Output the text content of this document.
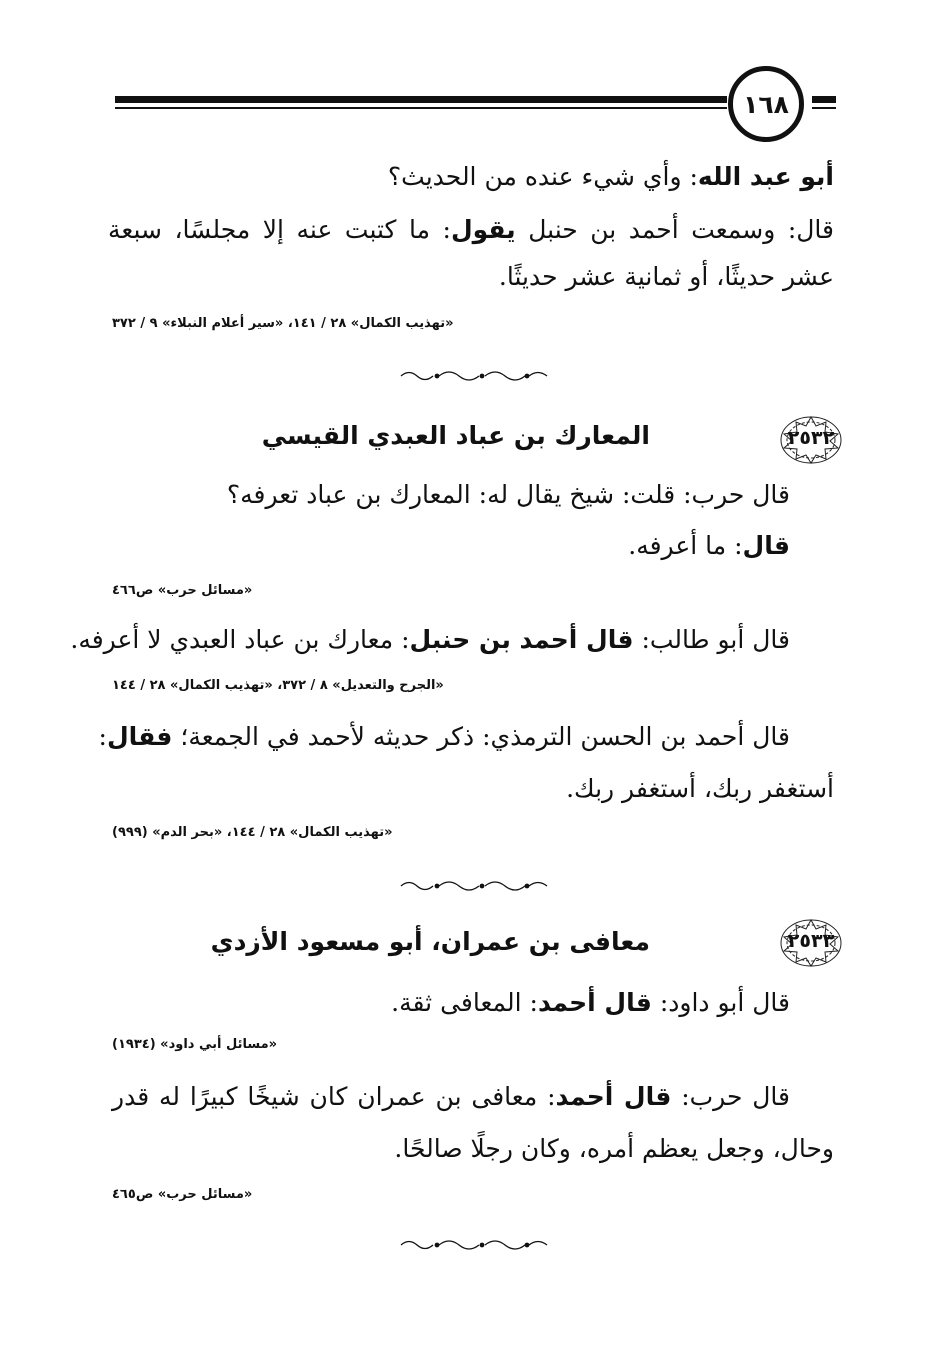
١٦٨
أبو عبد الله: وأي شيء عنده من الحديث؟
قال: وسمعت أحمد بن حنبل يقول: ما كتبت عنه إلا مجلسًا، سبعة
عشر حديثًا، أو ثمانية عشر حديثًا.
«تهذيب الكمال» ٢٨ / ١٤١، «سير أعلام النبلاء» ٩ / ٣٧٢
٢٥٣٢
المعارك بن عباد العبدي القيسي
قال حرب: قلت: شيخ يقال له: المعارك بن عباد تعرفه؟
قال: ما أعرفه.
«مسائل حرب» ص٤٦٦
قال أبو طالب: قال أحمد بن حنبل: معارك بن عباد العبدي لا أعرفه.
«الجرح والتعديل» ٨ / ٣٧٢، «تهذيب الكمال» ٢٨ / ١٤٤
قال أحمد بن الحسن الترمذي: ذكر حديثه لأحمد في الجمعة؛ فقال:
أستغفر ربك، أستغفر ربك.
«تهذيب الكمال» ٢٨ / ١٤٤، «بحر الدم» (٩٩٩)
٢٥٣٣
معافى بن عمران، أبو مسعود الأزدي
قال أبو داود: قال أحمد: المعافى ثقة.
«مسائل أبي داود» (١٩٣٤)
قال حرب: قال أحمد: معافى بن عمران كان شيخًا كبيرًا له قدر
وحال، وجعل يعظم أمره، وكان رجلًا صالحًا.
«مسائل حرب» ص٤٦٥
